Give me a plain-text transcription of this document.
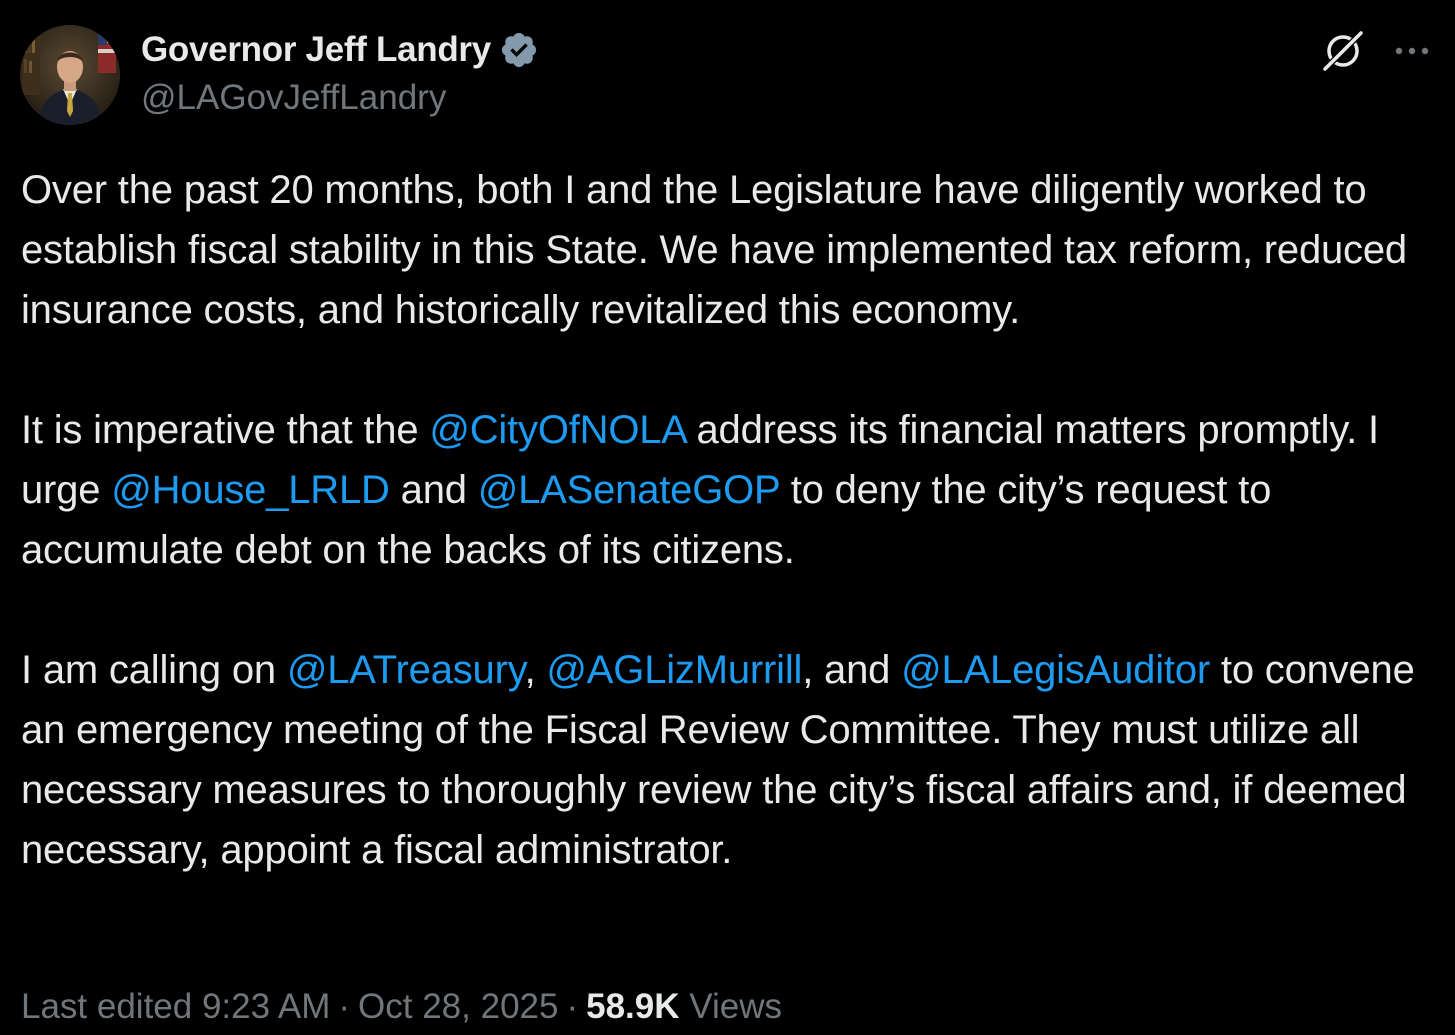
Governor Jeff Landry
@LAGovJeffLandry

Over the past 20 months, both I and the Legislature have diligently worked to establish fiscal stability in this State. We have implemented tax reform, reduced insurance costs, and historically revitalized this economy.

It is imperative that the @CityOfNOLA address its financial matters promptly. I urge @House_LRLD and @LASenateGOP to deny the city’s request to accumulate debt on the backs of its citizens.

I am calling on @LATreasury, @AGLizMurrill, and @LALegisAuditor to convene an emergency meeting of the Fiscal Review Committee. They must utilize all necessary measures to thoroughly review the city’s fiscal affairs and, if deemed necessary, appoint a fiscal administrator.

Last edited 9:23 AM · Oct 28, 2025 · 58.9K Views
